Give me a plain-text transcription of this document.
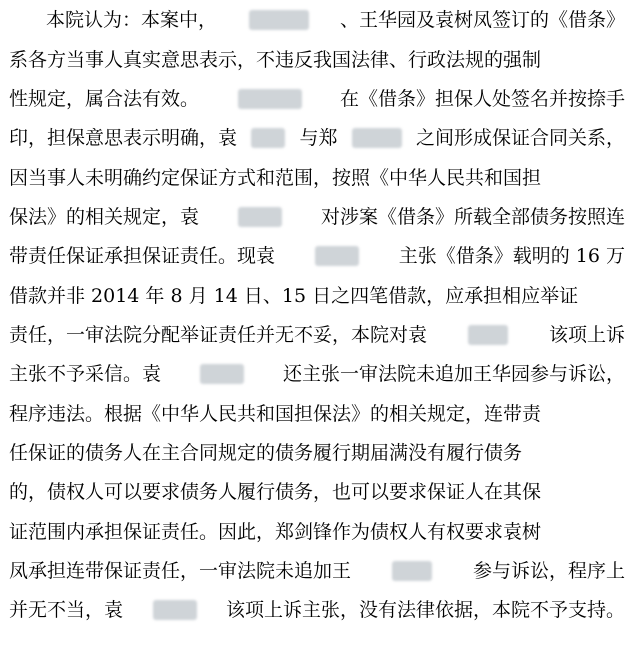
本院认为：本案中，	、王华园及袁树凤签订的《借条》
系各方当事人真实意思表示，不违反我国法律、行政法规的强制
性规定，属合法有效。	在《借条》担保人处签名并按捺手
印，担保意思表示明确，袁	与郑	之间形成保证合同关系，
因当事人未明确约定保证方式和范围，按照《中华人民共和国担
保法》的相关规定，袁	对涉案《借条》所载全部债务按照连
带责任保证承担保证责任。现袁	主张《借条》载明的 16 万
借款并非 2014 年 8 月 14 日、15 日之四笔借款，应承担相应举证
责任，一审法院分配举证责任并无不妥，本院对袁	该项上诉
主张不予采信。袁	还主张一审法院未追加王华园参与诉讼，
程序违法。根据《中华人民共和国担保法》的相关规定，连带责
任保证的债务人在主合同规定的债务履行期届满没有履行债务
的，债权人可以要求债务人履行债务，也可以要求保证人在其保
证范围内承担保证责任。因此，郑剑锋作为债权人有权要求袁树
凤承担连带保证责任，一审法院未追加王	参与诉讼，程序上
并无不当，袁	该项上诉主张，没有法律依据，本院不予支持。
